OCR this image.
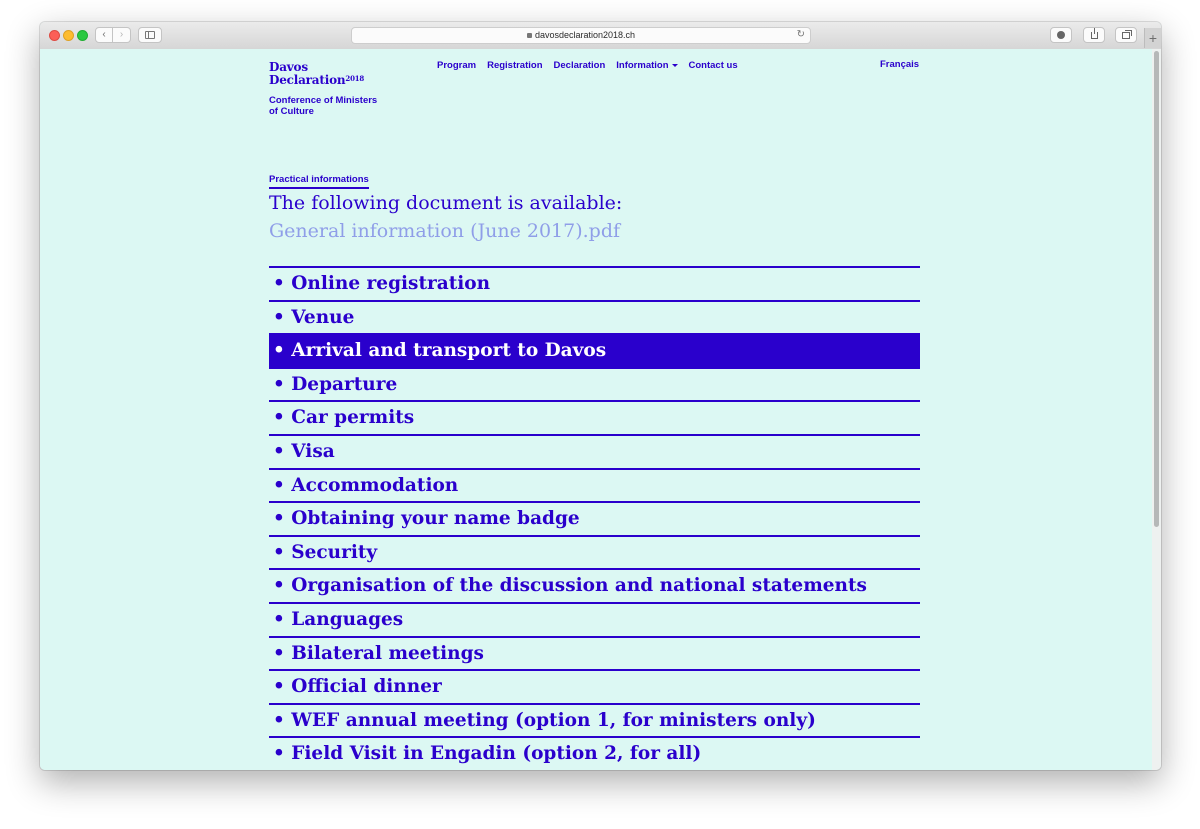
‹ ›	davosdeclaration2018.ch	↻	+
Davos
Declaration$^{2018}$
Conference of Ministers
of Culture
Program Registration Declaration Information	Contact us	Français
Practical informations
The following document is available:
General information (June 2017).pdf
• Online registration
• Venue
• Arrival and transport to Davos
• Departure
• Car permits
• Visa
• Accommodation
• Obtaining your name badge
• Security
• Organisation of the discussion and national statements
• Languages
• Bilateral meetings
• Official dinner
• WEF annual meeting (option 1, for ministers only)
• Field Visit in Engadin (option 2, for all)
